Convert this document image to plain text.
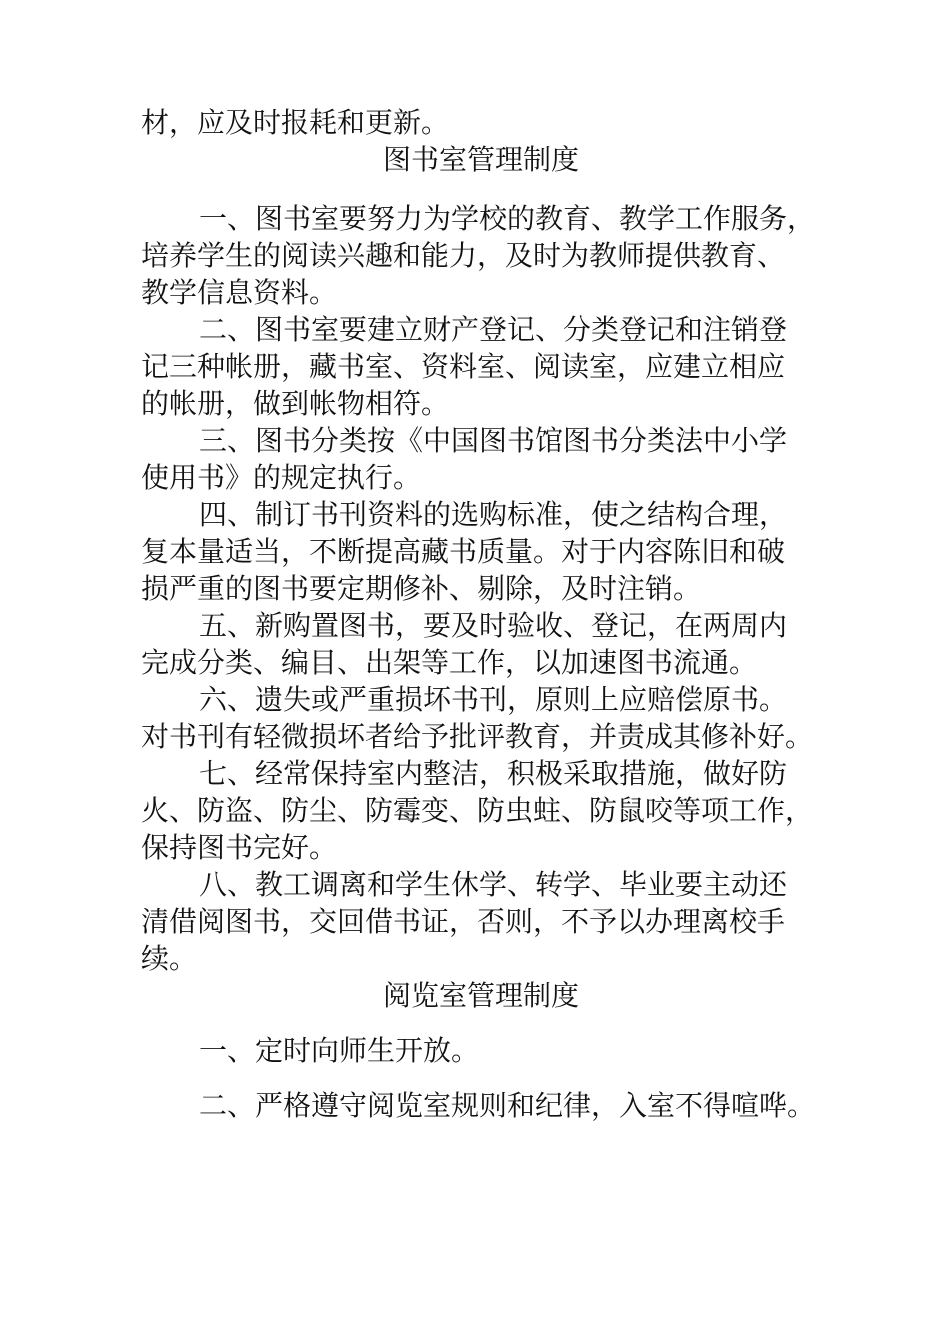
材，应及时报耗和更新。
图书室管理制度
一、图书室要努力为学校的教育、教学工作服务，
培养学生的阅读兴趣和能力，及时为教师提供教育、
教学信息资料。
二、图书室要建立财产登记、分类登记和注销登
记三种帐册，藏书室、资料室、阅读室，应建立相应
的帐册，做到帐物相符。
三、图书分类按《中国图书馆图书分类法中小学
使用书》的规定执行。
四、制订书刊资料的选购标准，使之结构合理，
复本量适当，不断提高藏书质量。对于内容陈旧和破
损严重的图书要定期修补、剔除，及时注销。
五、新购置图书，要及时验收、登记，在两周内
完成分类、编目、出架等工作，以加速图书流通。
六、遗失或严重损坏书刊，原则上应赔偿原书。
对书刊有轻微损坏者给予批评教育，并责成其修补好。
七、经常保持室内整洁，积极采取措施，做好防
火、防盗、防尘、防霉变、防虫蛀、防鼠咬等项工作，
保持图书完好。
八、教工调离和学生休学、转学、毕业要主动还
清借阅图书，交回借书证，否则，不予以办理离校手
续。
阅览室管理制度
一、定时向师生开放。
二、严格遵守阅览室规则和纪律，入室不得喧哗。
